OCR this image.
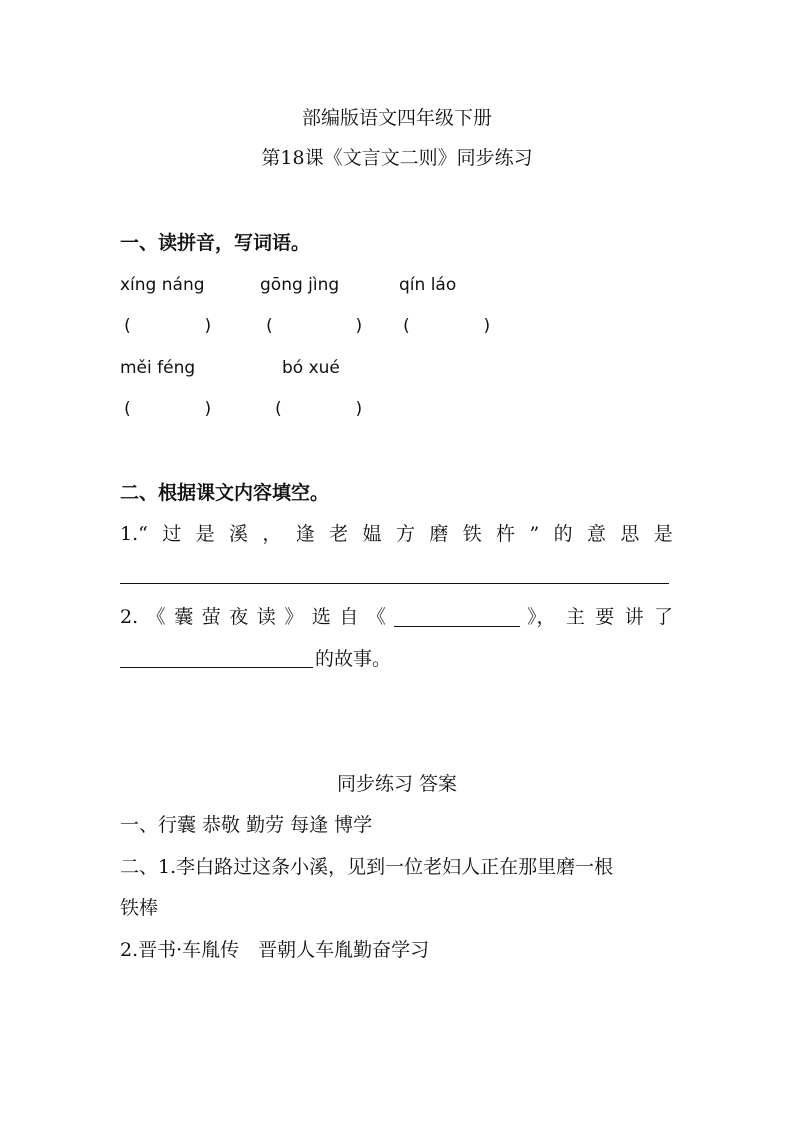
部编版语文四年级下册
第18课《文言文二则》同步练习
一、读拼音，写词语。
xíng náng	gōng jìng	qín láo
(	)	(	) (	)
měi féng	bó xué
(	)	(	)
二、根据课文内容填空。
1.“ 过 是 溪 ， 逢 老 媪 方 磨 铁 杵 ” 的 意 思 是
2. 《 囊 萤 夜 读 》 选 自 《	》， 主 要 讲 了
的故事。
同步练习 答案
一、行囊 恭敬 勤劳 每逢 博学
二、1.李白路过这条小溪，见到一位老妇人正在那里磨一根
铁棒
2.晋书·车胤传　晋朝人车胤勤奋学习
